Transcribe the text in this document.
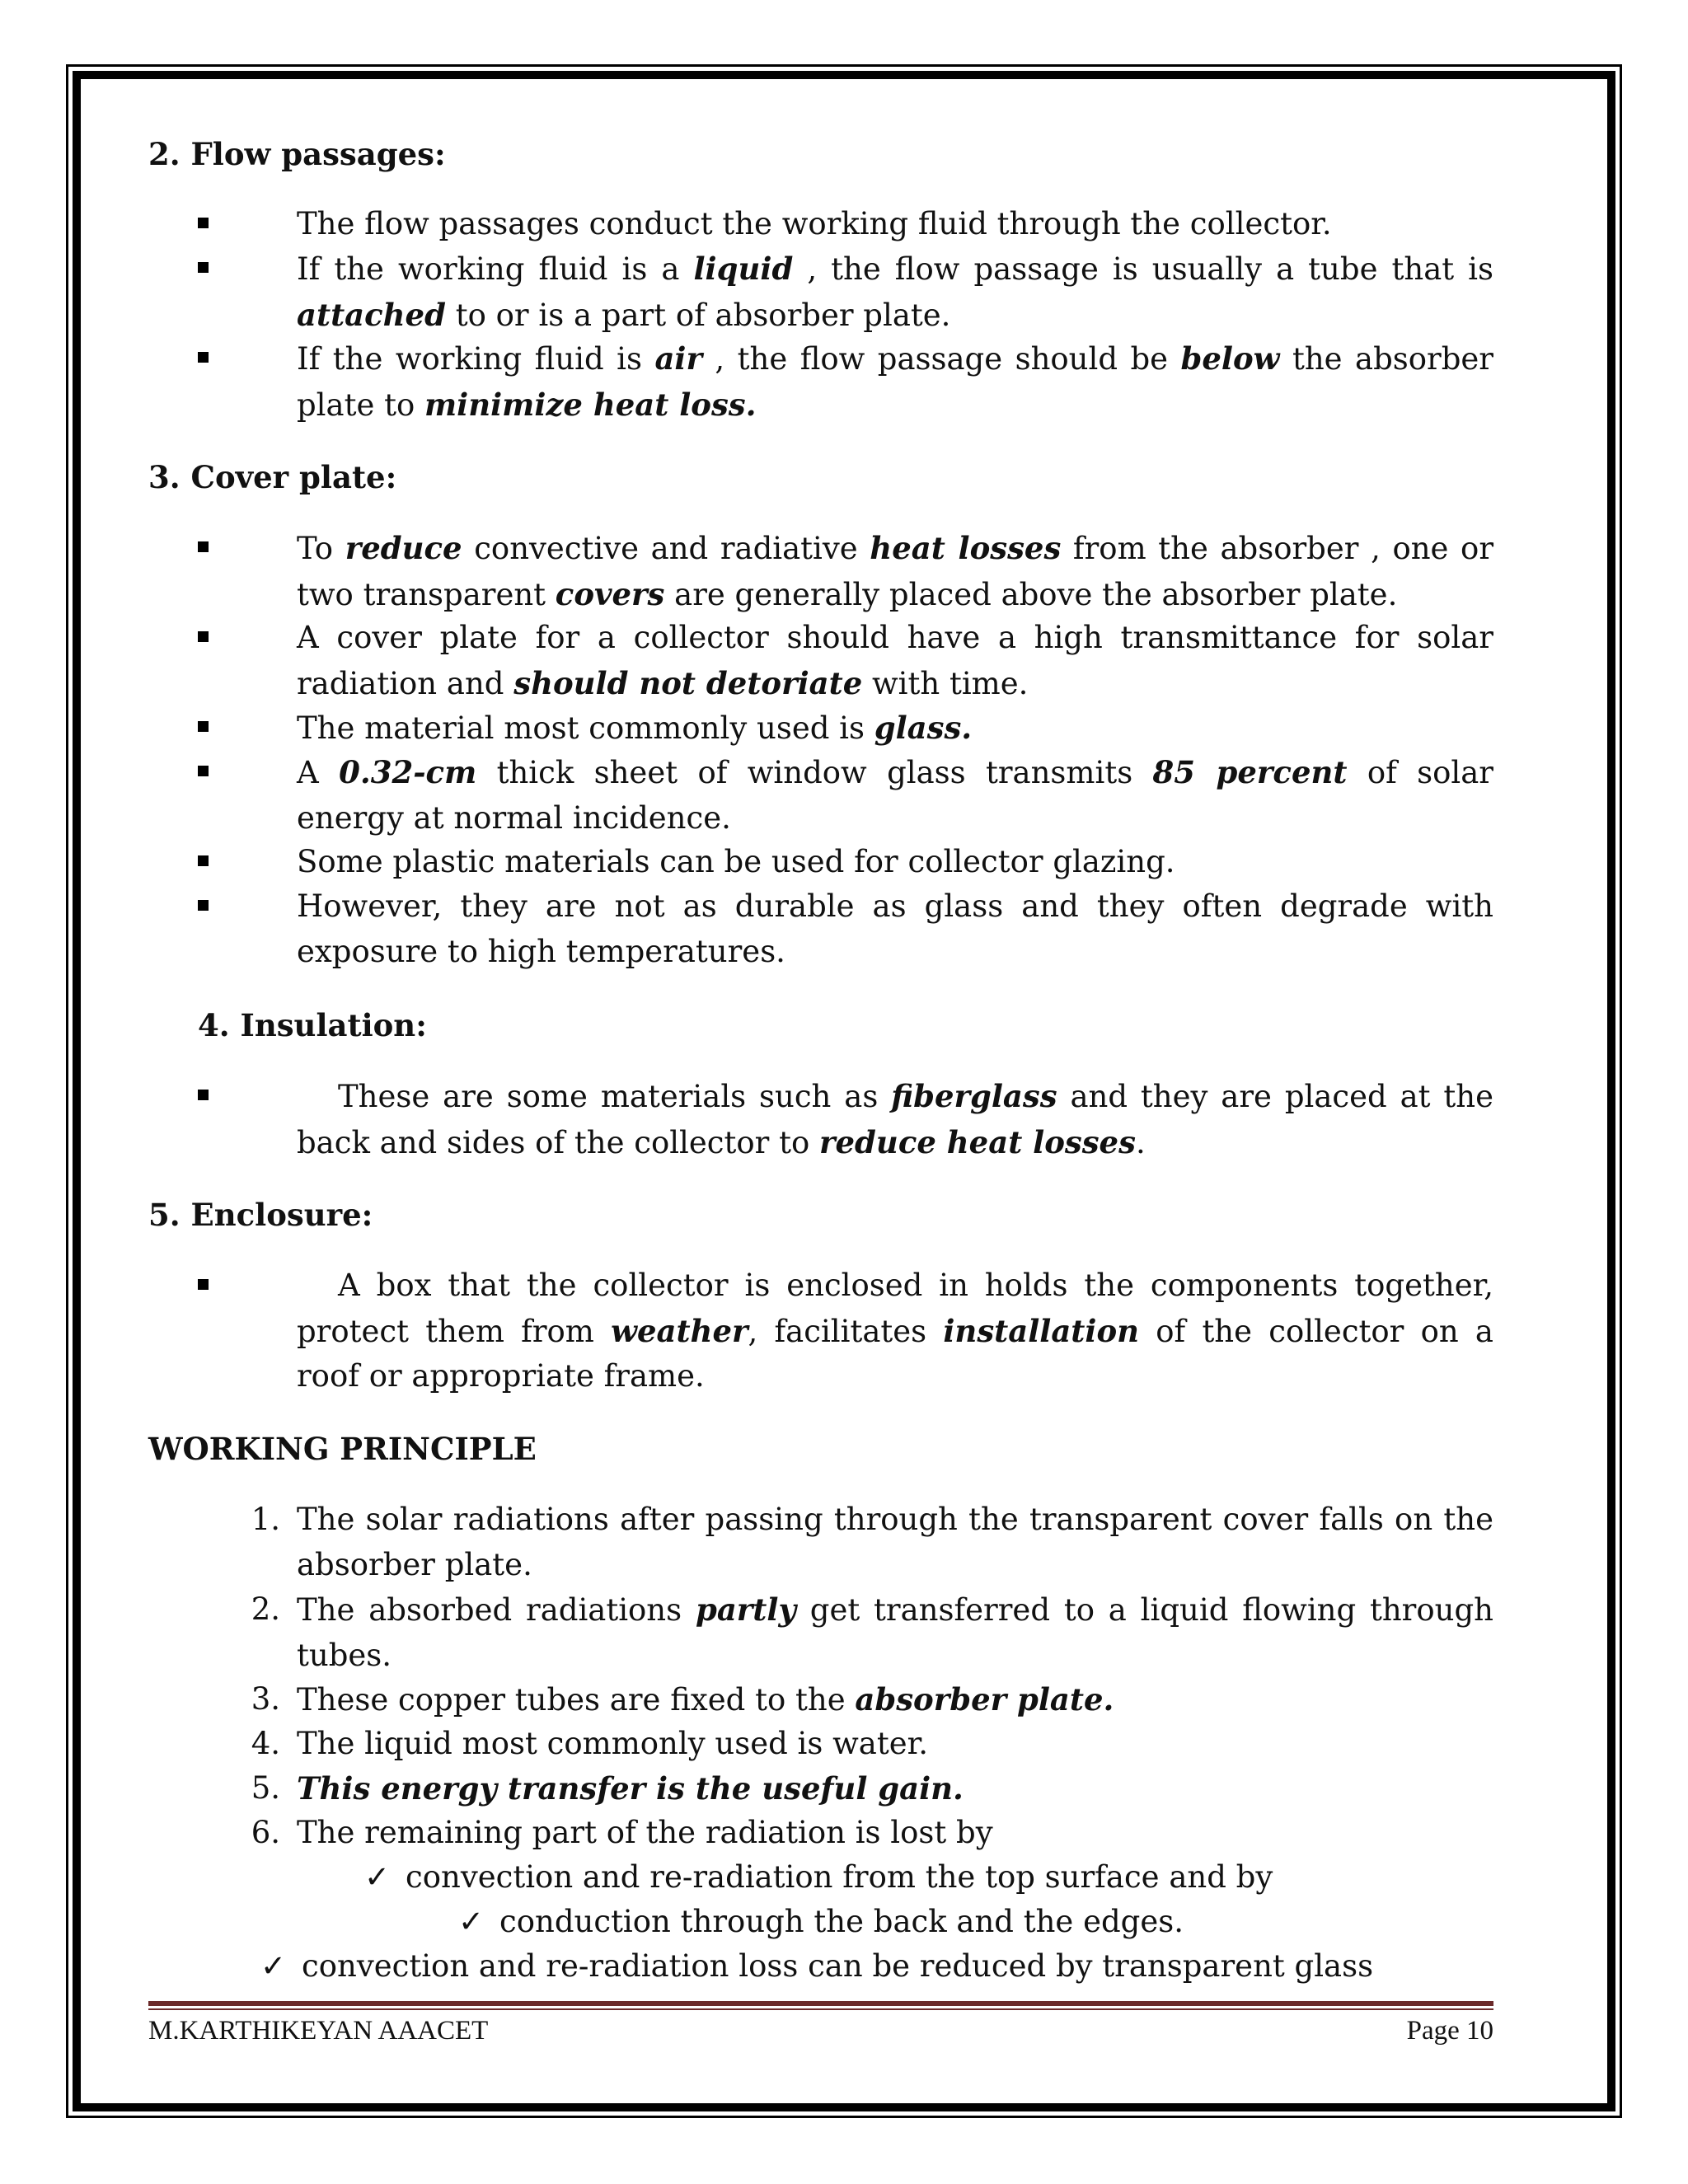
2. Flow passages:
The flow passages conduct the working fluid through the collector.
If the working fluid is a liquid , the flow passage is usually a tube that is attached to or is a part of absorber plate.
If the working fluid is air , the flow passage should be below the absorber plate to minimize heat loss.
3. Cover plate:
To reduce convective and radiative heat losses from the absorber , one or two transparent covers are generally placed above the absorber plate.
A cover plate for a collector should have a high transmittance for solar radiation and should not detoriate with time.
The material most commonly used is glass.
A 0.32-cm thick sheet of window glass transmits 85 percent of solar energy at normal incidence.
Some plastic materials can be used for collector glazing.
However, they are not as durable as glass and they often degrade with exposure to high temperatures.
4. Insulation:
These are some materials such as fiberglass and they are placed at the back and sides of the collector to reduce heat losses.
5. Enclosure:
A box that the collector is enclosed in holds the components together, protect them from weather, facilitates installation of the collector on a roof or appropriate frame.
WORKING PRINCIPLE
1. The solar radiations after passing through the transparent cover falls on the absorber plate.
2. The absorbed radiations partly get transferred to a liquid flowing through tubes.
3. These copper tubes are fixed to the absorber plate.
4. The liquid most commonly used is water.
5. This energy transfer is the useful gain.
6. The remaining part of the radiation is lost by
✓ convection and re-radiation from the top surface and by
✓ conduction through the back and the edges.
✓ convection and re-radiation loss can be reduced by transparent glass
M.KARTHIKEYAN AAACET	Page 10
